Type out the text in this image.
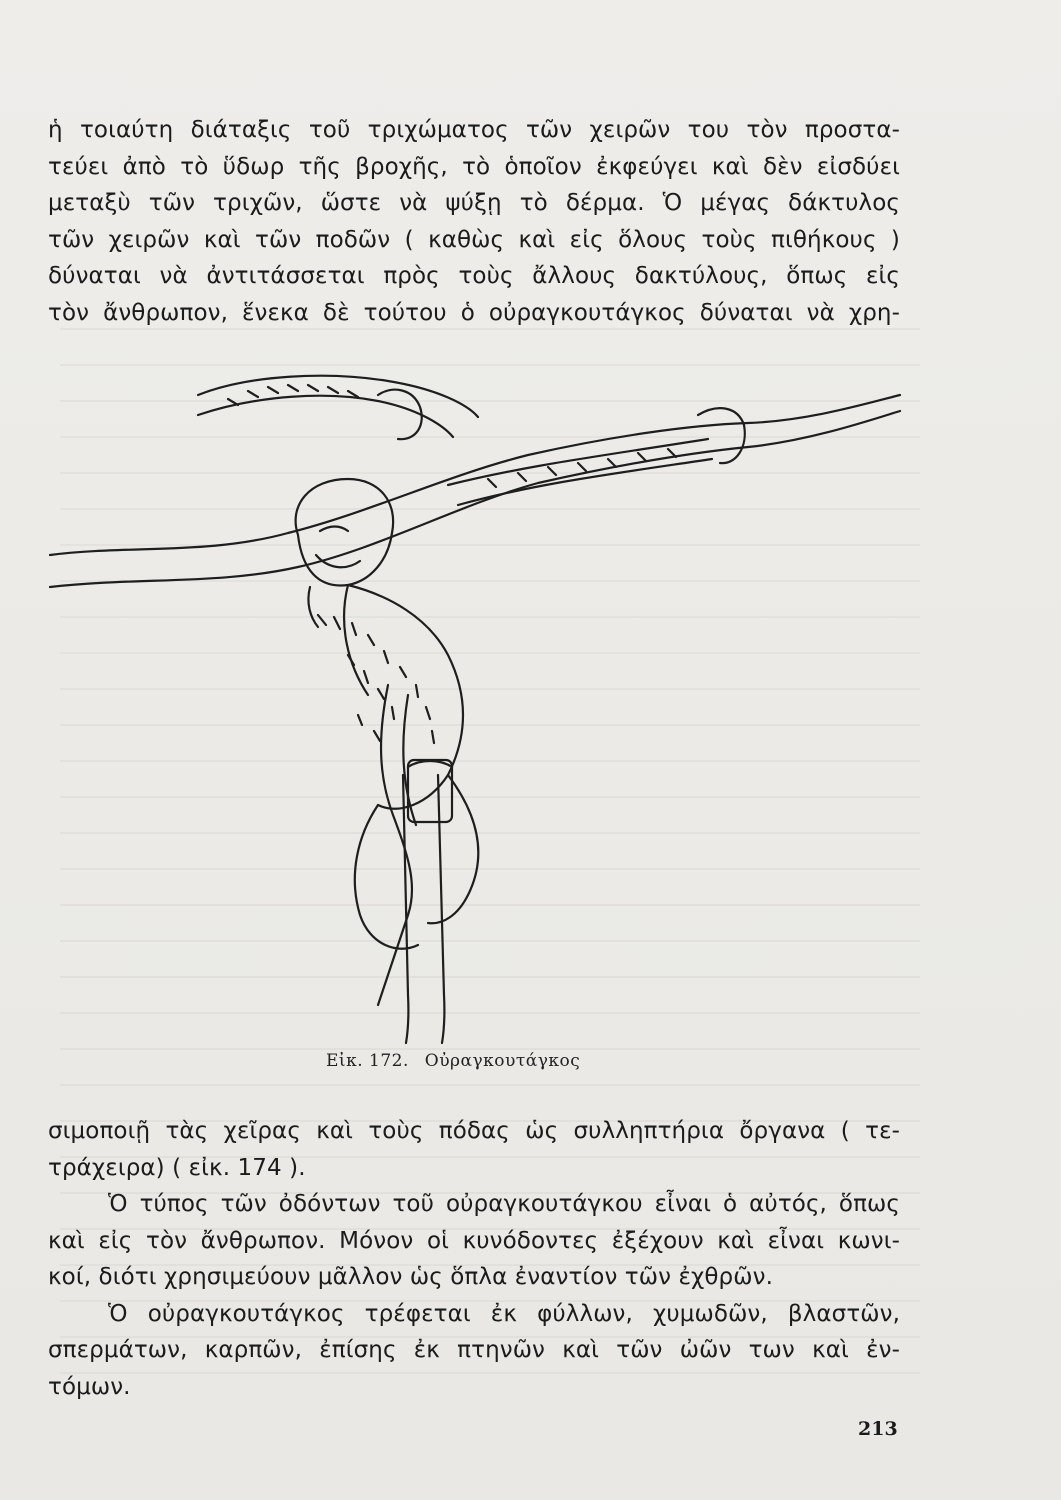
ἡ τοιαύτη διάταξις τοῦ τριχώματος τῶν χειρῶν του τὸν προστα-
τεύει ἀπὸ τὸ ὕδωρ τῆς βροχῆς, τὸ ὁποῖον ἐκφεύγει καὶ δὲν εἰσδύει
μεταξὺ τῶν τριχῶν, ὥστε νὰ ψύξῃ τὸ δέρμα. Ὁ μέγας δάκτυλος
τῶν χειρῶν καὶ τῶν ποδῶν ( καθὼς καὶ εἰς ὅλους τοὺς πιθήκους )
δύναται νὰ ἀντιτάσσεται πρὸς τοὺς ἄλλους δακτύλους, ὅπως εἰς
τὸν ἄνθρωπον, ἕνεκα δὲ τούτου ὁ οὐραγκουτάγκος δύναται νὰ χρη-
Εἰκ. 172. Οὐραγκουτάγκος
σιμοποιῇ τὰς χεῖρας καὶ τοὺς πόδας ὡς συλληπτήρια ὄργανα ( τε-
τράχειρα) ( εἰκ. 174 ).
Ὁ τύπος τῶν ὀδόντων τοῦ οὐραγκουτάγκου εἶναι ὁ αὐτός, ὅπως
καὶ εἰς τὸν ἄνθρωπον. Μόνον οἱ κυνόδοντες ἐξέχουν καὶ εἶναι κωνι-
κοί, διότι χρησιμεύουν μᾶλλον ὡς ὅπλα ἐναντίον τῶν ἐχθρῶν.
Ὁ οὐραγκουτάγκος τρέφεται ἐκ φύλλων, χυμωδῶν, βλαστῶν,
σπερμάτων, καρπῶν, ἐπίσης ἐκ πτηνῶν καὶ τῶν ὠῶν των καὶ ἐν-
τόμων.
213
